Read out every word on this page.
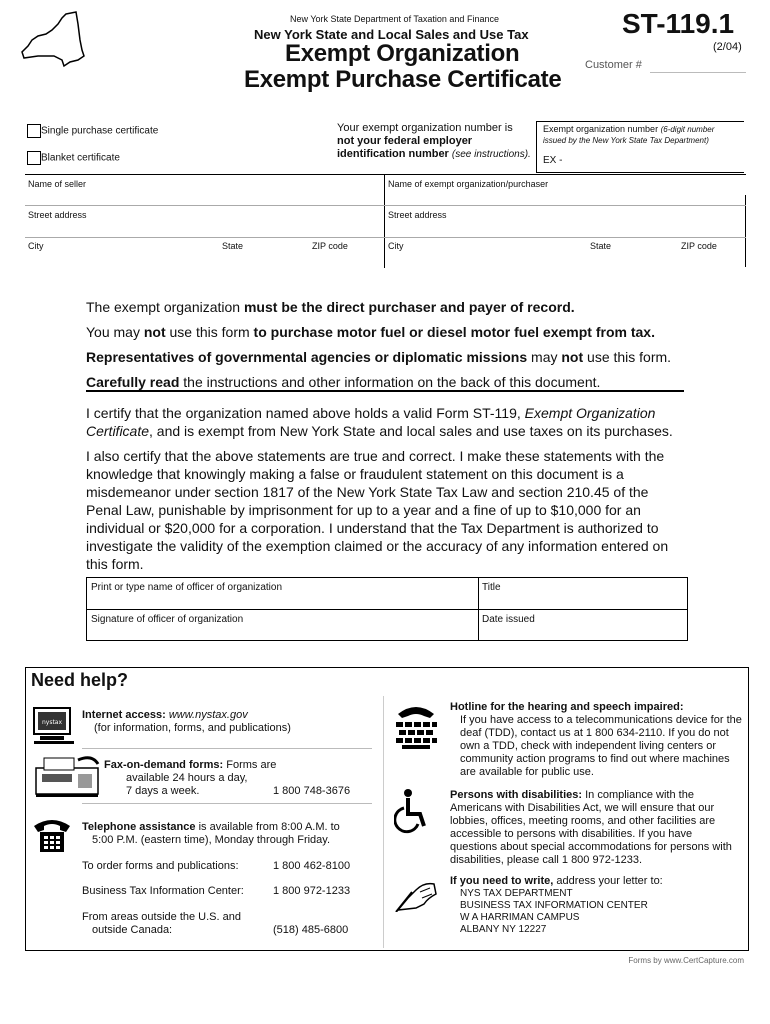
New York State Department of Taxation and Finance
New York State and Local Sales and Use Tax
Exempt Organization
Exempt Purchase Certificate
ST-119.1
(2/04)
Customer #
Single purchase certificate
Blanket certificate
Your exempt organization number is
not your federal employer
identification number (see instructions).
Exempt organization number (6-digit number
issued by the New York State Tax Department)
EX -
Name of seller
Street address
City	State	ZIP code
Name of exempt organization/purchaser
Street address
City	State	ZIP code
The exempt organization must be the direct purchaser and payer of record.
You may not use this form to purchase motor fuel or diesel motor fuel exempt from tax.
Representatives of governmental agencies or diplomatic missions may not use this form.
Carefully read the instructions and other information on the back of this document.
I certify that the organization named above holds a valid Form ST-119, Exempt Organization Certificate, and is exempt from New York State and local sales and use taxes on its purchases.
I also certify that the above statements are true and correct. I make these statements with the knowledge that knowingly making a false or fraudulent statement on this document is a misdemeanor under section 1817 of the New York State Tax Law and section 210.45 of the Penal Law, punishable by imprisonment for up to a year and a fine of up to $10,000 for an individual or $20,000 for a corporation. I understand that the Tax Department is authorized to investigate the validity of the exemption claimed or the accuracy of any information entered on this form.
Print or type name of officer of organization	Title
Signature of officer of organization	Date issued
Need help?
nystax
Internet access: www.nystax.gov
(for information, forms, and publications)
Fax-on-demand forms: Forms are
available 24 hours a day,
7 days a week.	1 800 748-3676
Telephone assistance is available from 8:00 A.M. to
5:00 P.M. (eastern time), Monday through Friday.
To order forms and publications:	1 800 462-8100
Business Tax Information Center:	1 800 972-1233
From areas outside the U.S. and
outside Canada:	(518) 485-6800
Hotline for the hearing and speech impaired:
If you have access to a telecommunications device for the deaf (TDD), contact us at 1 800 634-2110. If you do not own a TDD, check with independent living centers or community action programs to find out where machines are available for public use.
Persons with disabilities: In compliance with the Americans with Disabilities Act, we will ensure that our lobbies, offices, meeting rooms, and other facilities are accessible to persons with disabilities. If you have questions about special accommodations for persons with disabilities, please call 1 800 972-1233.
If you need to write, address your letter to:
NYS TAX DEPARTMENT
BUSINESS TAX INFORMATION CENTER
W A HARRIMAN CAMPUS
ALBANY NY 12227
Forms by www.CertCapture.com
